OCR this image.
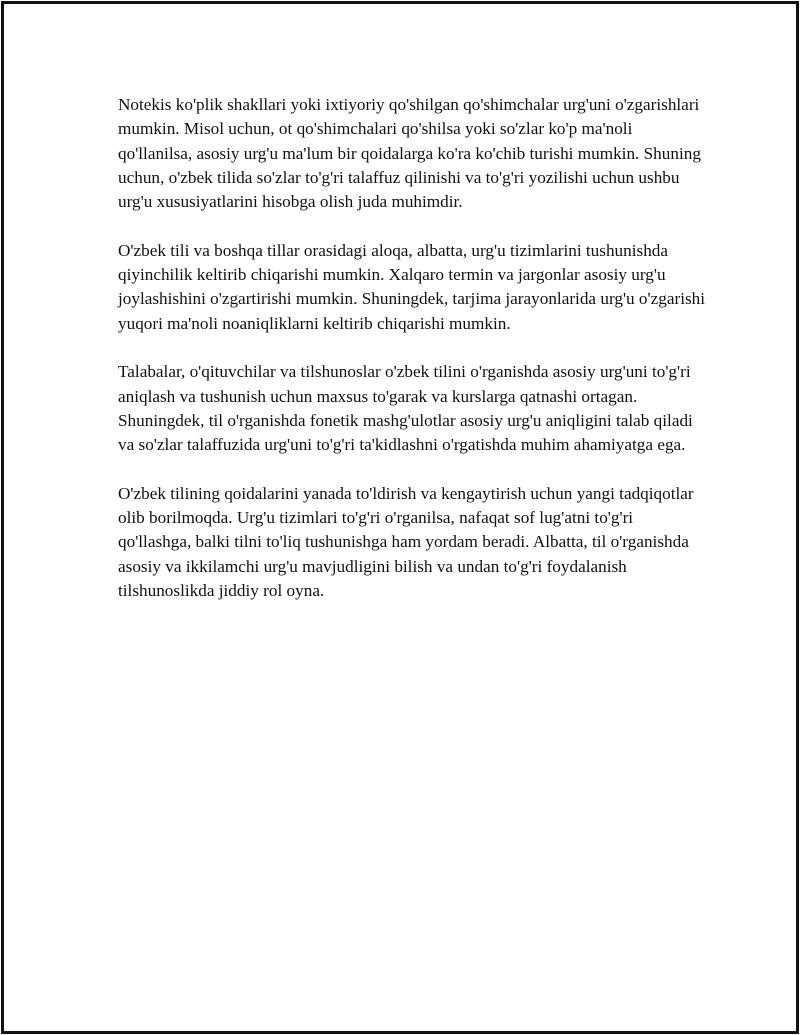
Notekis ko'plik shakllari yoki ixtiyoriy qo'shilgan qo'shimchalar urg'uni o'zgarishlari mumkin. Misol uchun, ot qo'shimchalari qo'shilsa yoki so'zlar ko'p ma'noli qo'llanilsa, asosiy urg'u ma'lum bir qoidalarga ko'ra ko'chib turishi mumkin. Shuning uchun, o'zbek tilida so'zlar to'g'ri talaffuz qilinishi va to'g'ri yozilishi uchun ushbu urg'u xususiyatlarini hisobga olish juda muhimdir.

O'zbek tili va boshqa tillar orasidagi aloqa, albatta, urg'u tizimlarini tushunishda qiyinchilik keltirib chiqarishi mumkin. Xalqaro termin va jargonlar asosiy urg'u joylashishini o'zgartirishi mumkin. Shuningdek, tarjima jarayonlarida urg'u o'zgarishi yuqori ma'noli noaniqliklarni keltirib chiqarishi mumkin.

Talabalar, o'qituvchilar va tilshunoslar o'zbek tilini o'rganishda asosiy urg'uni to'g'ri aniqlash va tushunish uchun maxsus to'garak va kurslarga qatnashi ortagan. Shuningdek, til o'rganishda fonetik mashg'ulotlar asosiy urg'u aniqligini talab qiladi va so'zlar talaffuzida urg'uni to'g'ri ta'kidlashni o'rgatishda muhim ahamiyatga ega.

O'zbek tilining qoidalarini yanada to'ldirish va kengaytirish uchun yangi tadqiqotlar olib borilmoqda. Urg'u tizimlari to'g'ri o'rganilsa, nafaqat sof lug'atni to'g'ri qo'llashga, balki tilni to'liq tushunishga ham yordam beradi. Albatta, til o'rganishda asosiy va ikkilamchi urg'u mavjudligini bilish va undan to'g'ri foydalanish tilshunoslikda jiddiy rol oyna.
